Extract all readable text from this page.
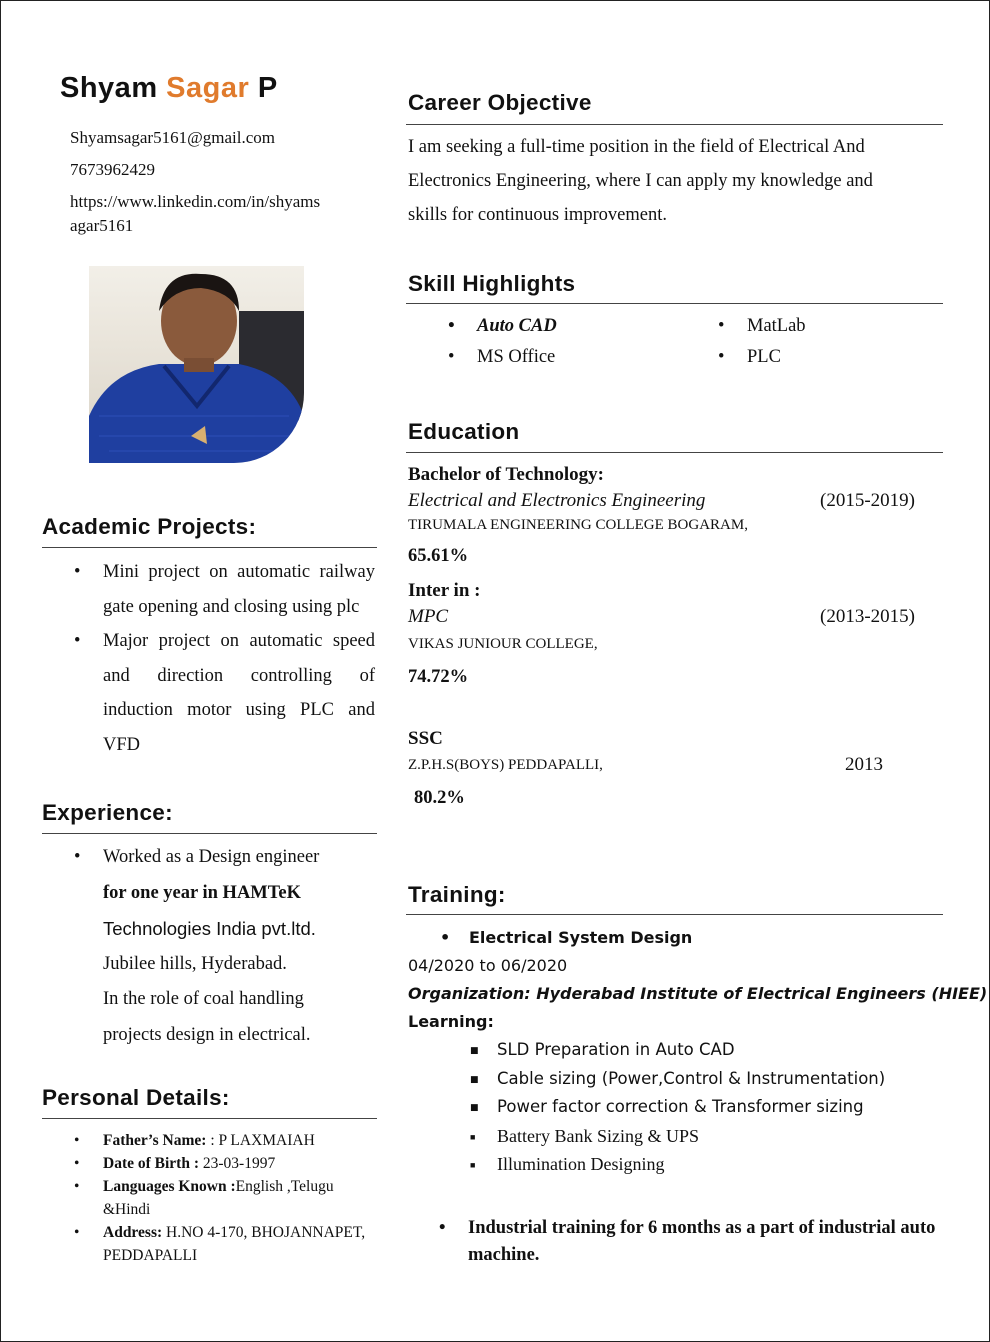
Shyam Sagar P
Shyamsagar5161@gmail.com
7673962429
https://www.linkedin.com/in/shyams
agar5161
Academic Projects:
• Mini project on automatic railway gate opening and closing using plc
• Major project on automatic speed and direction controlling of induction motor using PLC and VFD
Experience:
• Worked as a Design engineer
for one year in HAMTeK
Technologies India pvt.ltd.
Jubilee hills, Hyderabad.
In the role of coal handling
projects design in electrical.
Personal Details:
• Father’s Name: : P LAXMAIAH
• Date of Birth : 23-03-1997
• Languages Known :English ,Telugu &Hindi
• Address: H.NO 4-170, BHOJANNAPET, PEDDAPALLI
Career Objective
I am seeking a full-time position in the field of Electrical And
Electronics Engineering, where I can apply my knowledge and
skills for continuous improvement.
Skill Highlights
• Auto CAD	• MatLab
• MS Office	• PLC
Education
Bachelor of Technology:
Electrical and Electronics Engineering	(2015-2019)
TIRUMALA ENGINEERING COLLEGE BOGARAM,
65.61%
Inter in :
MPC	(2013-2015)
VIKAS JUNIOUR COLLEGE,
74.72%
SSC
Z.P.H.S(BOYS) PEDDAPALLI,	2013
80.2%
Training:
• Electrical System Design
04/2020 to 06/2020
Organization: Hyderabad Institute of Electrical Engineers (HIEE)
Learning:
■ SLD Preparation in Auto CAD
■ Cable sizing (Power,Control & Instrumentation)
■ Power factor correction & Transformer sizing
■ Battery Bank Sizing & UPS
■ Illumination Designing
• Industrial training for 6 months as a part of industrial auto machine.
